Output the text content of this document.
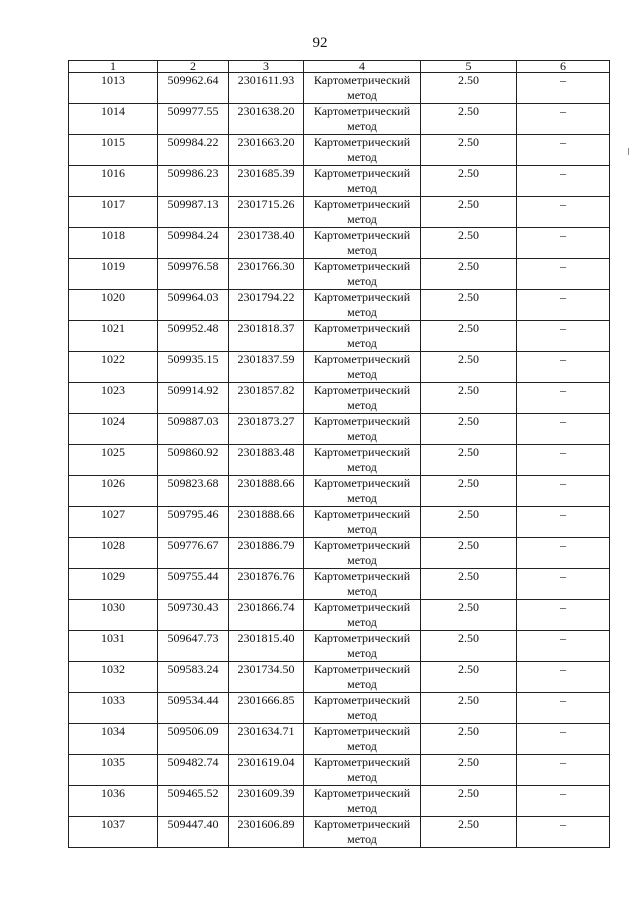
92
1	2	3	4	5	6
1013	509962.64	2301611.93	Картометрический метод	2.50	–
1014	509977.55	2301638.20	Картометрический метод	2.50	–
1015	509984.22	2301663.20	Картометрический метод	2.50	–
1016	509986.23	2301685.39	Картометрический метод	2.50	–
1017	509987.13	2301715.26	Картометрический метод	2.50	–
1018	509984.24	2301738.40	Картометрический метод	2.50	–
1019	509976.58	2301766.30	Картометрический метод	2.50	–
1020	509964.03	2301794.22	Картометрический метод	2.50	–
1021	509952.48	2301818.37	Картометрический метод	2.50	–
1022	509935.15	2301837.59	Картометрический метод	2.50	–
1023	509914.92	2301857.82	Картометрический метод	2.50	–
1024	509887.03	2301873.27	Картометрический метод	2.50	–
1025	509860.92	2301883.48	Картометрический метод	2.50	–
1026	509823.68	2301888.66	Картометрический метод	2.50	–
1027	509795.46	2301888.66	Картометрический метод	2.50	–
1028	509776.67	2301886.79	Картометрический метод	2.50	–
1029	509755.44	2301876.76	Картометрический метод	2.50	–
1030	509730.43	2301866.74	Картометрический метод	2.50	–
1031	509647.73	2301815.40	Картометрический метод	2.50	–
1032	509583.24	2301734.50	Картометрический метод	2.50	–
1033	509534.44	2301666.85	Картометрический метод	2.50	–
1034	509506.09	2301634.71	Картометрический метод	2.50	–
1035	509482.74	2301619.04	Картометрический метод	2.50	–
1036	509465.52	2301609.39	Картометрический метод	2.50	–
1037	509447.40	2301606.89	Картометрический метод	2.50	–
